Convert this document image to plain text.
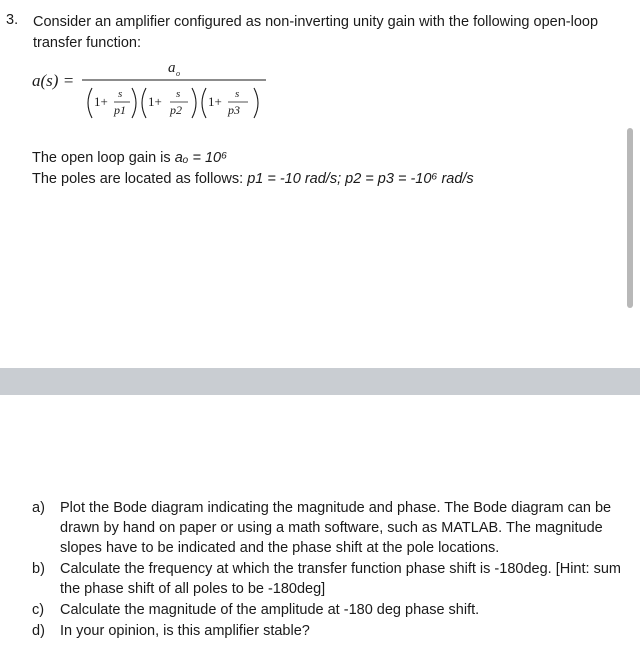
3. Consider an amplifier configured as non-inverting unity gain with the following open-loop transfer function:
a(s) =
a o
1+ s
p1
1+ s
p2
1+ s
p3
The open loop gain is aₒ = 10⁶
The poles are located as follows: p1 = -10 rad/s; p2 = p3 = -10⁶ rad/s
a) Plot the Bode diagram indicating the magnitude and phase. The Bode diagram can be drawn by hand on paper or using a math software, such as MATLAB. The magnitude slopes have to be indicated and the phase shift at the pole locations.
b) Calculate the frequency at which the transfer function phase shift is -180deg. [Hint: sum the phase shift of all poles to be -180deg]
c) Calculate the magnitude of the amplitude at -180 deg phase shift.
d) In your opinion, is this amplifier stable?
